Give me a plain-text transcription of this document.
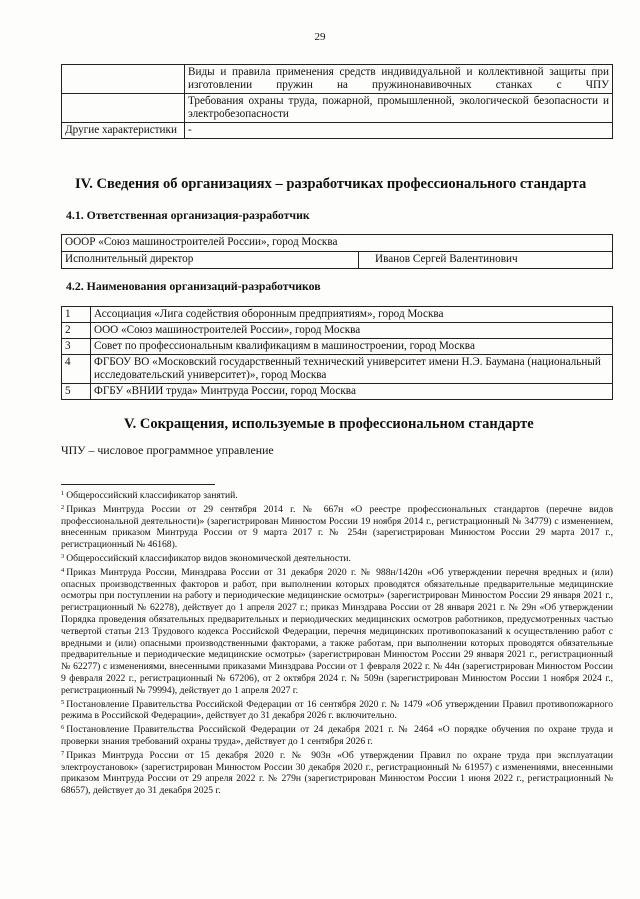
29
	Виды и правила применения средств индивидуальной и коллективной защиты при изготовлении пружин на пружинонавивочных станках с ЧПУ
	Требования охраны труда, пожарной, промышленной, экологической безопасности и электробезопасности
Другие характеристики	-
IV. Сведения об организациях – разработчиках профессионального стандарта
4.1. Ответственная организация-разработчик
ОООР «Союз машиностроителей России», город Москва
Исполнительный директор	Иванов Сергей Валентинович
4.2. Наименования организаций-разработчиков
1	Ассоциация «Лига содействия оборонным предприятиям», город Москва
2	ООО «Союз машиностроителей России», город Москва
3	Совет по профессиональным квалификациям в машиностроении, город Москва
4	ФГБОУ ВО «Московский государственный технический университет имени Н.Э. Баумана (национальный исследовательский университет)», город Москва
5	ФГБУ «ВНИИ труда» Минтруда России, город Москва
V. Сокращения, используемые в профессиональном стандарте

ЧПУ – числовое программное управление

$^1$ Общероссийский классификатор занятий.
$^2$ Приказ Минтруда России от 29 сентября 2014 г. № 667н «О реестре профессиональных стандартов (перечне видов профессиональной деятельности)» (зарегистрирован Минюстом России 19 ноября 2014 г., регистрационный № 34779) с изменением, внесенным приказом Минтруда России от 9 марта 2017 г. № 254н (зарегистрирован Минюстом России 29 марта 2017 г., регистрационный № 46168).
$^3$ Общероссийский классификатор видов экономической деятельности.
$^4$ Приказ Минтруда России, Минздрава России от 31 декабря 2020 г. № 988н/1420н «Об утверждении перечня вредных и (или) опасных производственных факторов и работ, при выполнении которых проводятся обязательные предварительные медицинские осмотры при поступлении на работу и периодические медицинские осмотры» (зарегистрирован Минюстом России 29 января 2021 г., регистрационный № 62278), действует до 1 апреля 2027 г.; приказ Минздрава России от 28 января 2021 г. № 29н «Об утверждении Порядка проведения обязательных предварительных и периодических медицинских осмотров работников, предусмотренных частью четвертой статьи 213 Трудового кодекса Российской Федерации, перечня медицинских противопоказаний к осуществлению работ с вредными и (или) опасными производственными факторами, а также работам, при выполнении которых проводятся обязательные предварительные и периодические медицинские осмотры» (зарегистрирован Минюстом России 29 января 2021 г., регистрационный № 62277) с изменениями, внесенными приказами Минздрава России от 1 февраля 2022 г. № 44н (зарегистрирован Минюстом России 9 февраля 2022 г., регистрационный № 67206), от 2 октября 2024 г. № 509н (зарегистрирован Минюстом России 1 ноября 2024 г., регистрационный № 79994), действует до 1 апреля 2027 г.
$^5$ Постановление Правительства Российской Федерации от 16 сентября 2020 г. № 1479 «Об утверждении Правил противопожарного режима в Российской Федерации», действует до 31 декабря 2026 г. включительно.
$^6$ Постановление Правительства Российской Федерации от 24 декабря 2021 г. № 2464 «О порядке обучения по охране труда и проверки знания требований охраны труда», действует до 1 сентября 2026 г.
$^7$ Приказ Минтруда России от 15 декабря 2020 г. № 903н «Об утверждении Правил по охране труда при эксплуатации электроустановок» (зарегистрирован Минюстом России 30 декабря 2020 г., регистрационный № 61957) с изменениями, внесенными приказом Минтруда России от 29 апреля 2022 г. № 279н (зарегистрирован Минюстом России 1 июня 2022 г., регистрационный № 68657), действует до 31 декабря 2025 г.
